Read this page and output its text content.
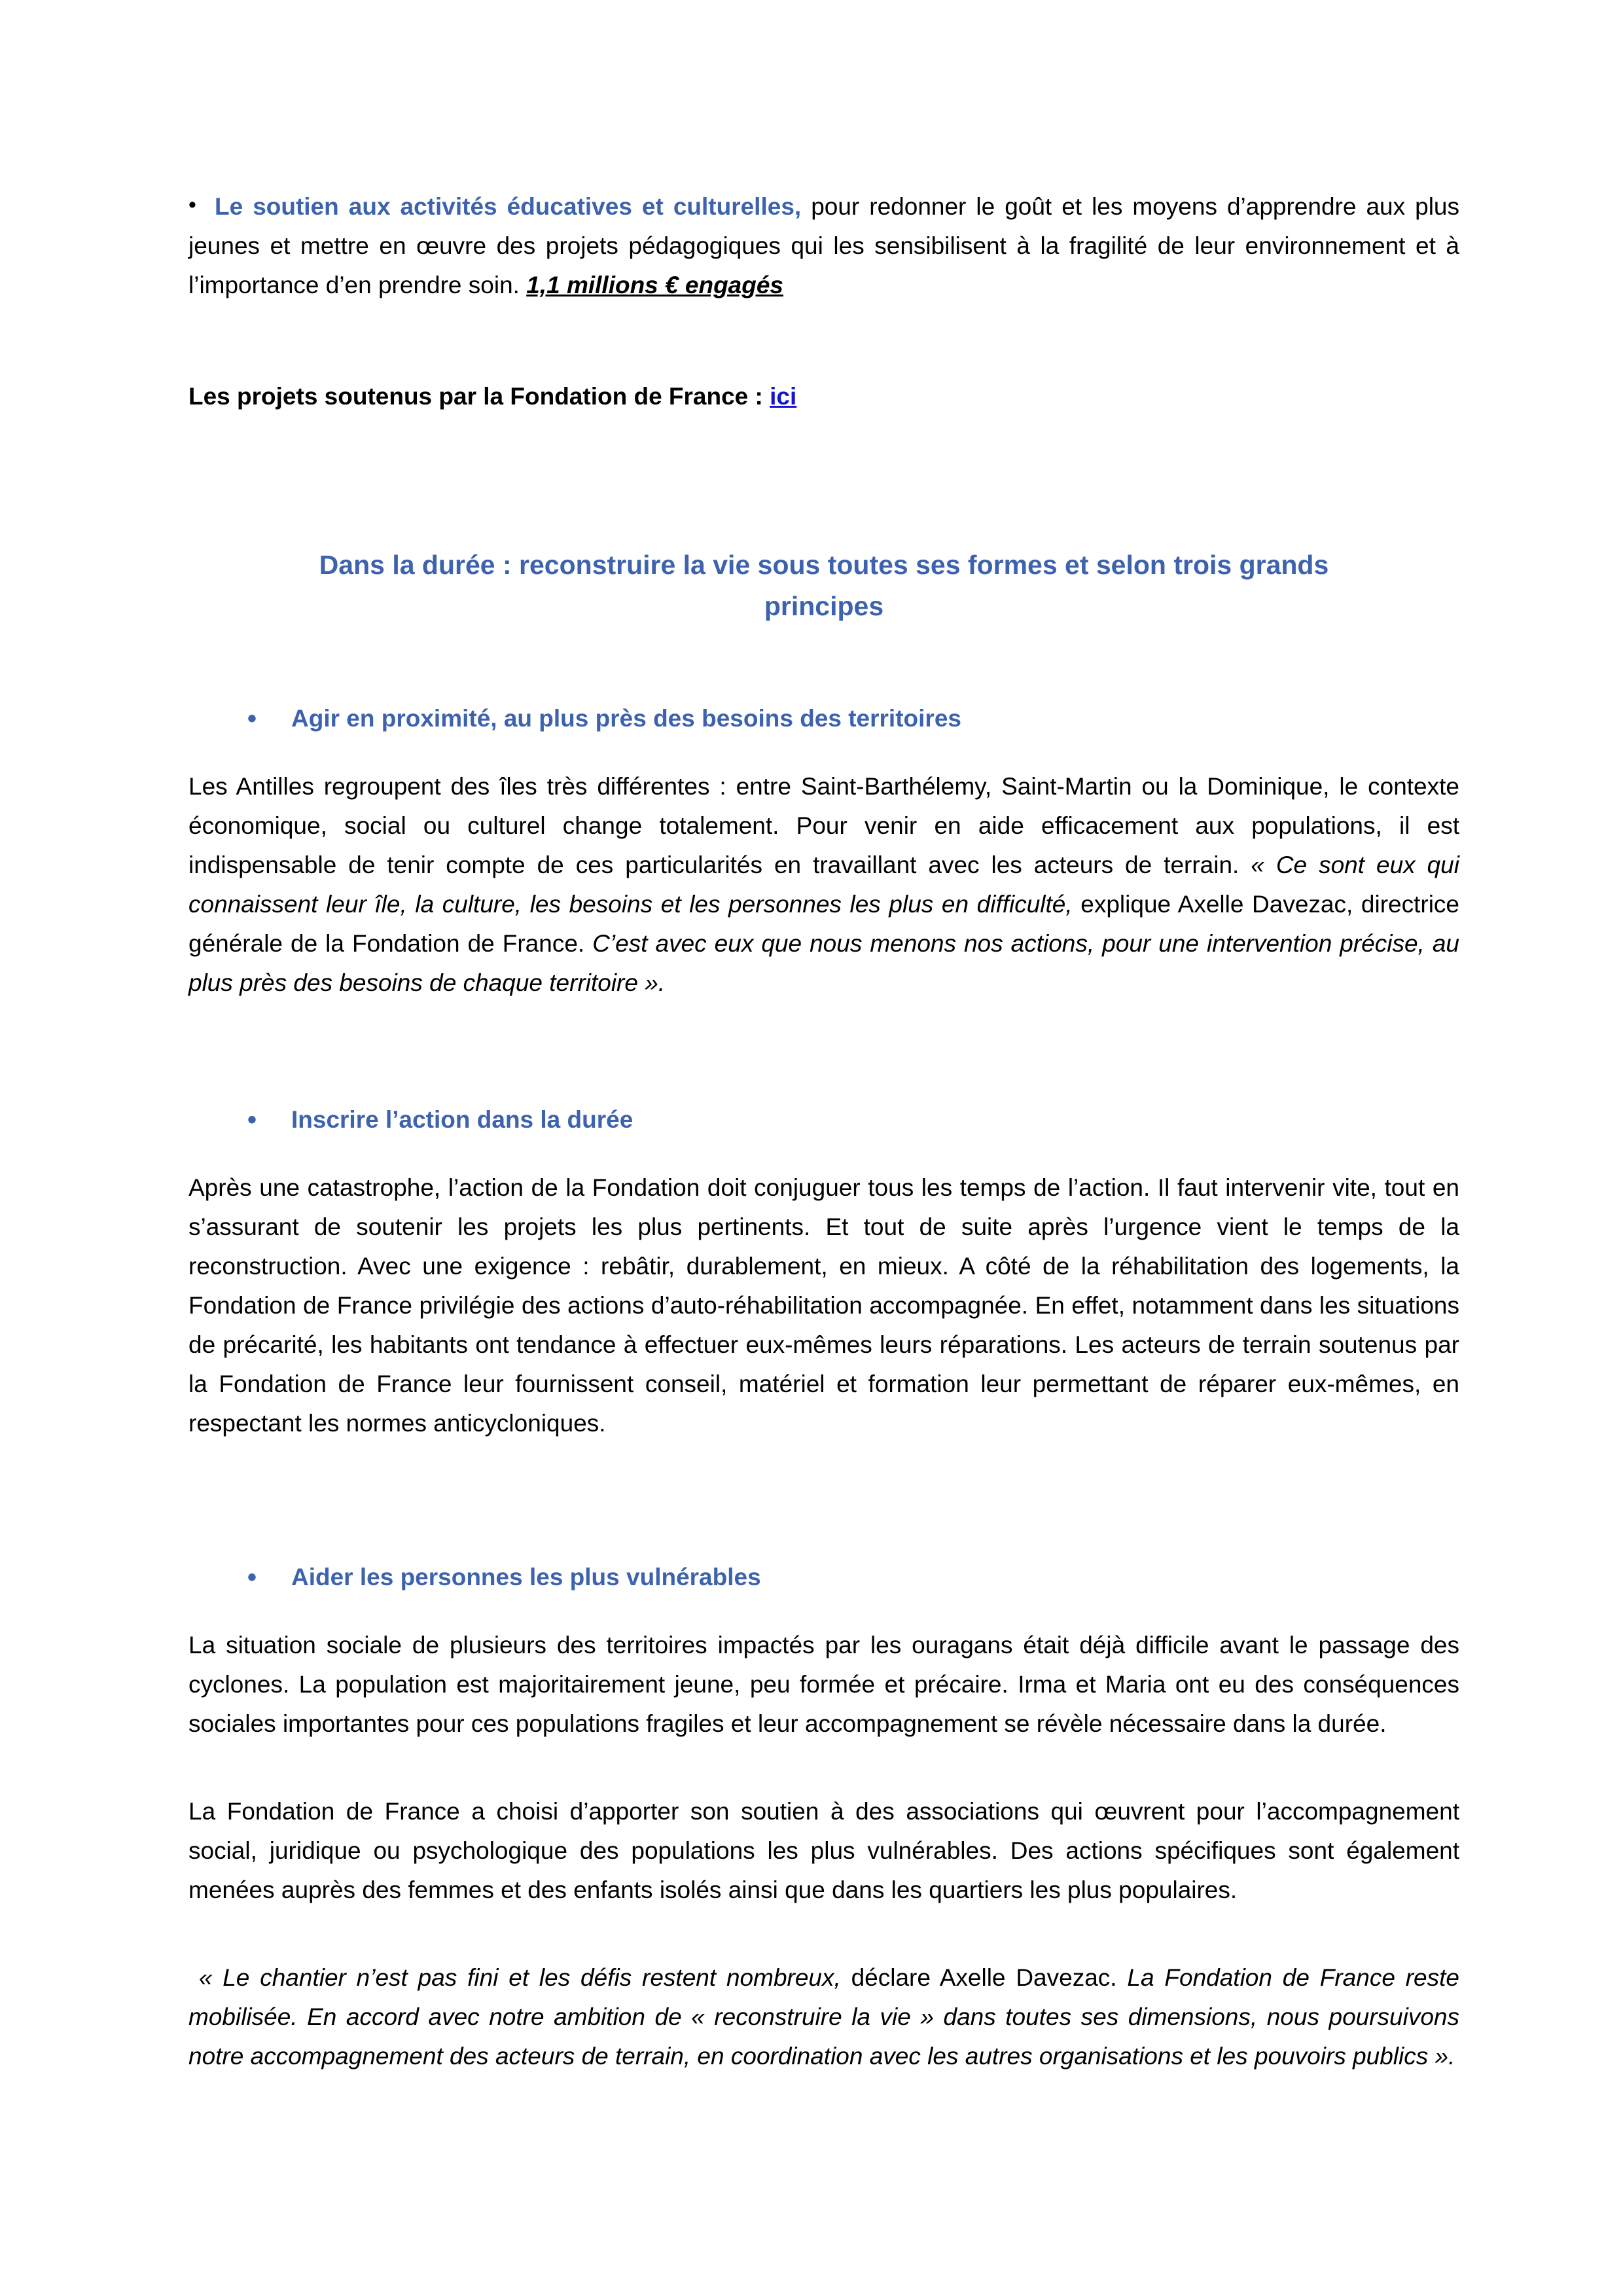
• Le soutien aux activités éducatives et culturelles, pour redonner le goût et les moyens d’apprendre aux plus jeunes et mettre en œuvre des projets pédagogiques qui les sensibilisent à la fragilité de leur environnement et à l’importance d’en prendre soin. 1,1 millions € engagés

Les projets soutenus par la Fondation de France : ici

Dans la durée : reconstruire la vie sous toutes ses formes et selon trois grands principes

• Agir en proximité, au plus près des besoins des territoires

Les Antilles regroupent des îles très différentes : entre Saint-Barthélemy, Saint-Martin ou la Dominique, le contexte économique, social ou culturel change totalement. Pour venir en aide efficacement aux populations, il est indispensable de tenir compte de ces particularités en travaillant avec les acteurs de terrain. « Ce sont eux qui connaissent leur île, la culture, les besoins et les personnes les plus en difficulté, explique Axelle Davezac, directrice générale de la Fondation de France. C’est avec eux que nous menons nos actions, pour une intervention précise, au plus près des besoins de chaque territoire ».

• Inscrire l’action dans la durée

Après une catastrophe, l’action de la Fondation doit conjuguer tous les temps de l’action. Il faut intervenir vite, tout en s’assurant de soutenir les projets les plus pertinents. Et tout de suite après l’urgence vient le temps de la reconstruction. Avec une exigence : rebâtir, durablement, en mieux. A côté de la réhabilitation des logements, la Fondation de France privilégie des actions d’auto-réhabilitation accompagnée. En effet, notamment dans les situations de précarité, les habitants ont tendance à effectuer eux-mêmes leurs réparations. Les acteurs de terrain soutenus par la Fondation de France leur fournissent conseil, matériel et formation leur permettant de réparer eux-mêmes, en respectant les normes anticycloniques.

• Aider les personnes les plus vulnérables

La situation sociale de plusieurs des territoires impactés par les ouragans était déjà difficile avant le passage des cyclones. La population est majoritairement jeune, peu formée et précaire. Irma et Maria ont eu des conséquences sociales importantes pour ces populations fragiles et leur accompagnement se révèle nécessaire dans la durée.

La Fondation de France a choisi d’apporter son soutien à des associations qui œuvrent pour l’accompagnement social, juridique ou psychologique des populations les plus vulnérables. Des actions spécifiques sont également menées auprès des femmes et des enfants isolés ainsi que dans les quartiers les plus populaires.

« Le chantier n’est pas fini et les défis restent nombreux, déclare Axelle Davezac. La Fondation de France reste mobilisée. En accord avec notre ambition de « reconstruire la vie » dans toutes ses dimensions, nous poursuivons notre accompagnement des acteurs de terrain, en coordination avec les autres organisations et les pouvoirs publics ».
